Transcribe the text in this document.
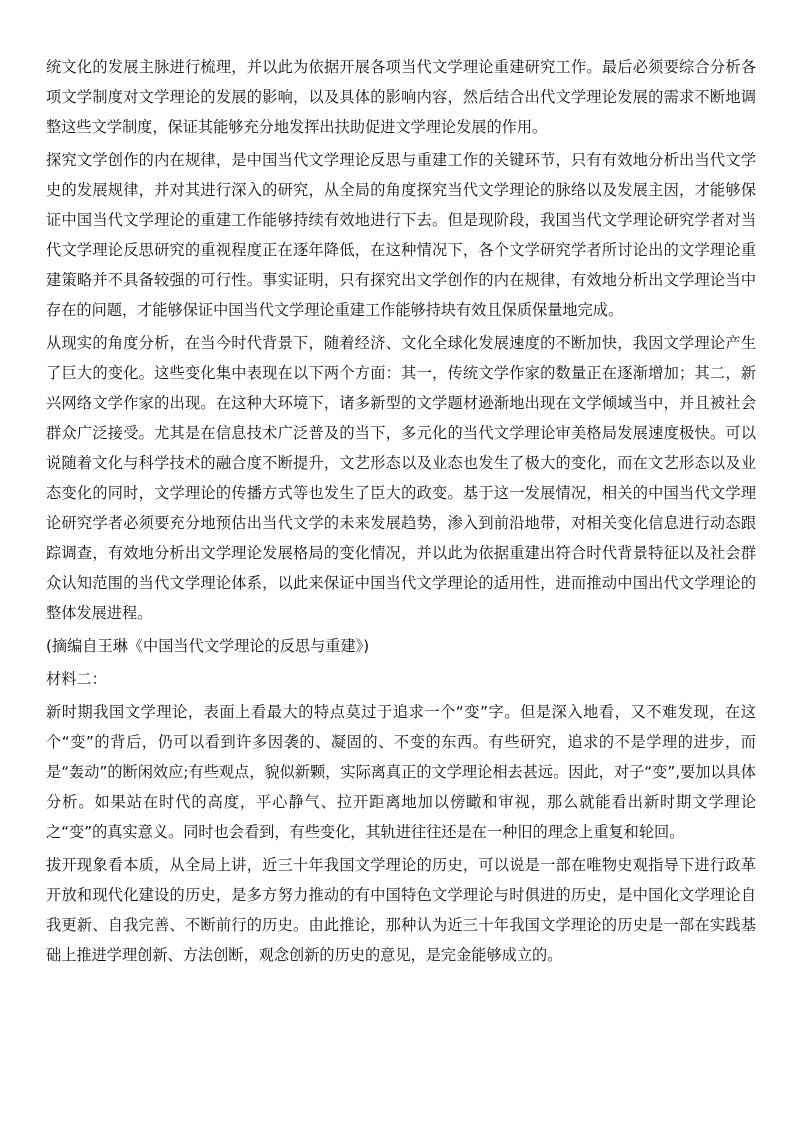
统文化的发展主脉进行梳理，并以此为依据开展各项当代文学理论重建研究工作。最后必须要综合分析各项文学制度对文学理论的发展的影响，以及具体的影响内容，然后结合出代文学理论发展的需求不断地调整这些文学制度，保证其能够充分地发挥出扶助促进文学理论发展的作用。

探究文学创作的内在规律，是中国当代文学理论反思与重建工作的关键环节，只有有效地分析出当代文学史的发展规律，并对其进行深入的研究，从全局的角度探究当代文学理论的脉络以及发展主因，才能够保证中国当代文学理论的重建工作能够持续有效地进行下去。但是现阶段，我国当代文学理论研究学者对当代文学理论反思研究的重视程度正在逐年降低，在这种情况下，各个文学研究学者所讨论出的文学理论重建策略并不具备较强的可行性。事实证明，只有探究出文学创作的内在规律，有效地分析出文学理论当中存在的问题，才能够保证中国当代文学理论重建工作能够持块有效且保质保量地完成。

从现实的角度分析，在当今时代背景下，随着经济、文化全球化发展速度的不断加快，我因文学理论产生了巨大的变化。这些变化集中表现在以下两个方面：其一，传统文学作家的数量正在逐渐增加；其二，新兴网络文学作家的出现。在这种大环境下，诸多新型的文学题材逊渐地出现在文学倾域当中，并且被社会群众广泛接受。尤其是在信息技术广泛普及的当下，多元化的当代文学理论审美格局发展速度极快。可以说随着文化与科学技术的融合度不断提升，文艺形态以及业态也发生了极大的变化，而在文艺形态以及业态变化的同时，文学理论的传播方式等也发生了臣大的政变。基于这一发展情况，相关的中国当代文学理论研究学者必须要充分地预估出当代文学的未来发展趋势，渗入到前沿地带，对相关变化信息进行动态跟踪调查，有效地分析出文学理论发展格局的变化情况，并以此为依据重建出符合时代背景特征以及社会群众认知范围的当代文学理论体系，以此来保证中国当代文学理论的适用性，进而推动中国出代文学理论的整体发展进程。

(摘编自王琳《中国当代文学理论的反思与重建》)

材料二：

新时期我国文学理论，表面上看最大的特点莫过于追求一个“变”字。但是深入地看，又不难发现，在这个“变”的背后，仍可以看到许多因袭的、凝固的、不变的东西。有些研究，追求的不是学理的进步，而是“轰动”的断闲效应;有些观点，貌似新颗，实际离真正的文学理论相去甚远。因此，对子“变”,要加以具体分析。如果站在时代的高度，平心静气、拉开距离地加以傍瞰和审视，那么就能看出新时期文学理论之“变”的真实意义。同时也会看到，有些变化，其轨进往往还是在一种旧的理念上重复和轮回。

拔开现象看本质，从全局上讲，近三十年我国文学理论的历史，可以说是一部在唯物史观指导下进行政革开放和现代化建设的历史，是多方努力推动的有中国特色文学理论与时俱进的历史，是中国化文学理论自我更新、自我完善、不断前行的历史。由此推论，那种认为近三十年我国文学理论的历史是一部在实践基础上推进学理创新、方法创断，观念创新的历史的意见，是完金能够成立的。
